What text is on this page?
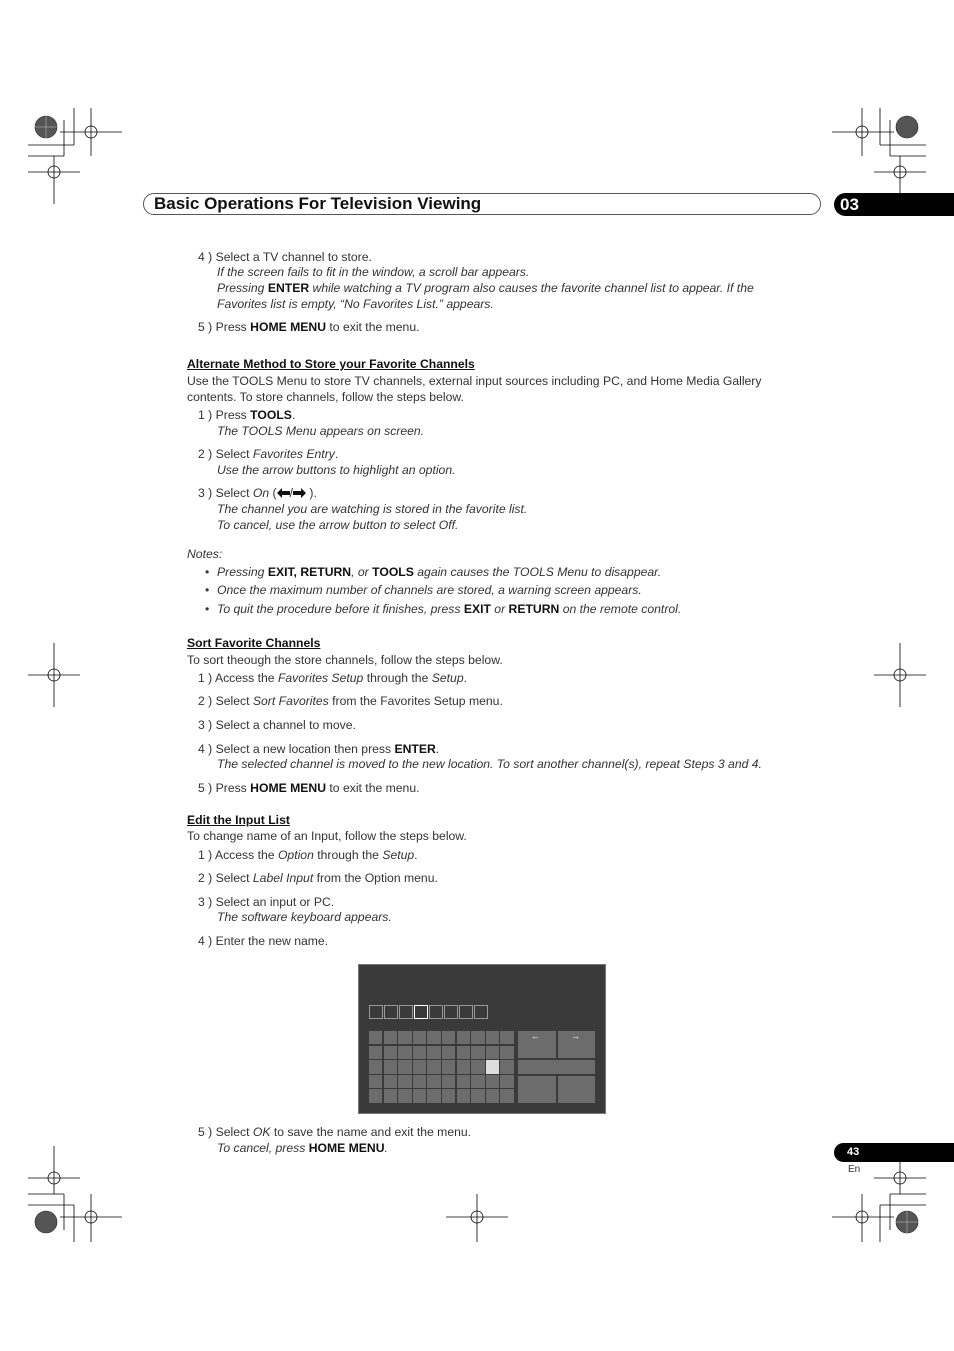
Basic Operations For Television Viewing	03
4 ) Select a TV channel to store.
If the screen fails to fit in the window, a scroll bar appears.
Pressing ENTER while watching a TV program also causes the favorite channel list to appear. If the
Favorites list is empty, “No Favorites List.” appears.
5 ) Press HOME MENU to exit the menu.
Alternate Method to Store your Favorite Channels
Use the TOOLS Menu to store TV channels, external input sources including PC, and Home Media Gallery
contents. To store channels, follow the steps below.
1 ) Press TOOLS.
The TOOLS Menu appears on screen.
2 ) Select Favorites Entry.
Use the arrow buttons to highlight an option.
3 ) Select On ( / ).
The channel you are watching is stored in the favorite list.
To cancel, use the arrow button to select Off.
Notes:
• Pressing EXIT, RETURN, or TOOLS again causes the TOOLS Menu to disappear.
• Once the maximum number of channels are stored, a warning screen appears.
• To quit the procedure before it finishes, press EXIT or RETURN on the remote control.
Sort Favorite Channels
To sort theough the store channels, follow the steps below.
1 ) Access the Favorites Setup through the Setup.
2 ) Select Sort Favorites from the Favorites Setup menu.
3 ) Select a channel to move.
4 ) Select a new location then press ENTER.
The selected channel is moved to the new location. To sort another channel(s), repeat Steps 3 and 4.
5 ) Press HOME MENU to exit the menu.
Edit the Input List
To change name of an Input, follow the steps below.
1 ) Access the Option through the Setup.
2 ) Select Label Input from the Option menu.
3 ) Select an input or PC.
The software keyboard appears.
4 ) Enter the new name.
←	→
5 ) Select OK to save the name and exit the menu.
To cancel, press HOME MENU.	43
En
